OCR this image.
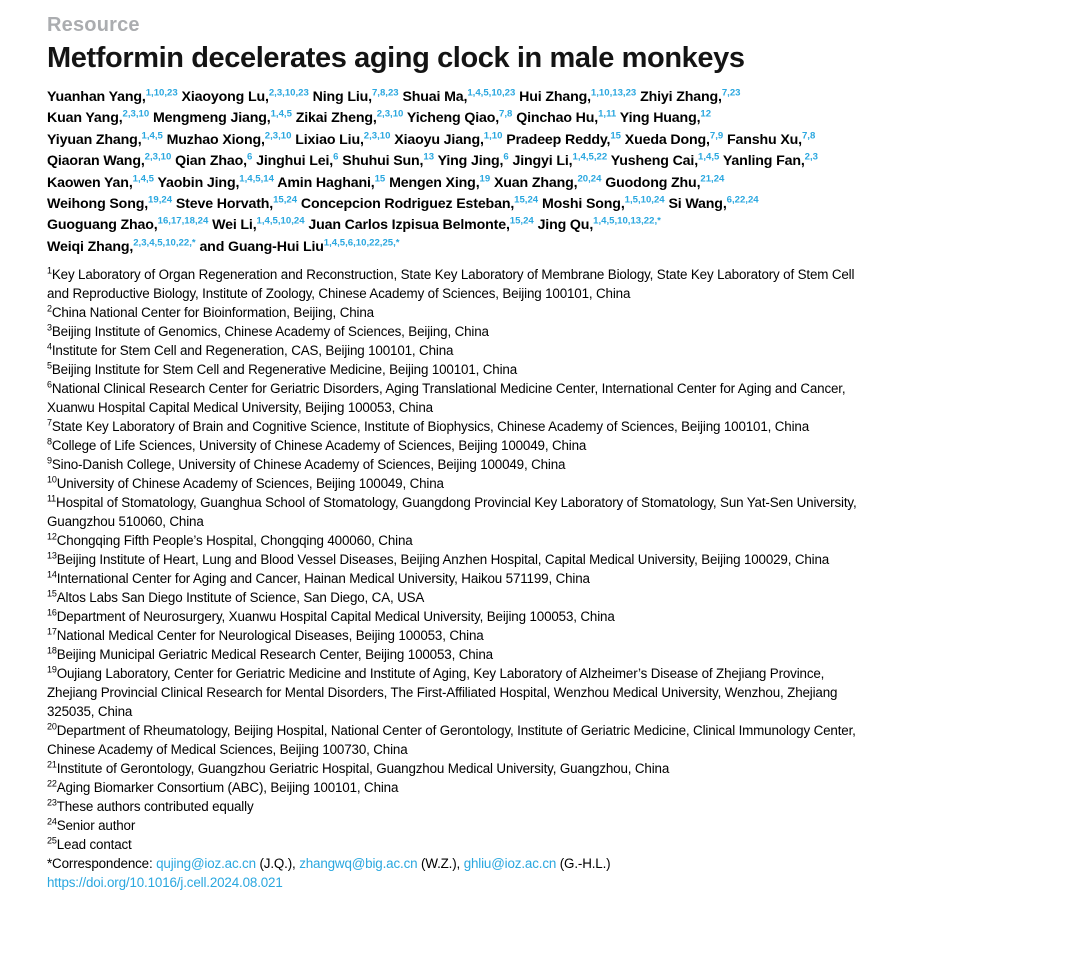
Resource
Metformin decelerates aging clock in male monkeys
Yuanhan Yang,$^{1,10,23}$ Xiaoyong Lu,$^{2,3,10,23}$ Ning Liu,$^{7,8,23}$ Shuai Ma,$^{1,4,5,10,23}$ Hui Zhang,$^{1,10,13,23}$ Zhiyi Zhang,$^{7,23}$
Kuan Yang,$^{2,3,10}$ Mengmeng Jiang,$^{1,4,5}$ Zikai Zheng,$^{2,3,10}$ Yicheng Qiao,$^{7,8}$ Qinchao Hu,$^{1,11}$ Ying Huang,$^{12}$
Yiyuan Zhang,$^{1,4,5}$ Muzhao Xiong,$^{2,3,10}$ Lixiao Liu,$^{2,3,10}$ Xiaoyu Jiang,$^{1,10}$ Pradeep Reddy,$^{15}$ Xueda Dong,$^{7,9}$ Fanshu Xu,$^{7,8}$
Qiaoran Wang,$^{2,3,10}$ Qian Zhao,$^6$ Jinghui Lei,$^6$ Shuhui Sun,$^{13}$ Ying Jing,$^6$ Jingyi Li,$^{1,4,5,22}$ Yusheng Cai,$^{1,4,5}$ Yanling Fan,$^{2,3}$
Kaowen Yan,$^{1,4,5}$ Yaobin Jing,$^{1,4,5,14}$ Amin Haghani,$^{15}$ Mengen Xing,$^{19}$ Xuan Zhang,$^{20,24}$ Guodong Zhu,$^{21,24}$
Weihong Song,$^{19,24}$ Steve Horvath,$^{15,24}$ Concepcion Rodriguez Esteban,$^{15,24}$ Moshi Song,$^{1,5,10,24}$ Si Wang,$^{6,22,24}$
Guoguang Zhao,$^{16,17,18,24}$ Wei Li,$^{1,4,5,10,24}$ Juan Carlos Izpisua Belmonte,$^{15,24}$ Jing Qu,$^{1,4,5,10,13,22,*}$
Weiqi Zhang,$^{2,3,4,5,10,22,*}$ and Guang-Hui Liu$^{1,4,5,6,10,22,25,*}$
$^1$Key Laboratory of Organ Regeneration and Reconstruction, State Key Laboratory of Membrane Biology, State Key Laboratory of Stem Cell
and Reproductive Biology, Institute of Zoology, Chinese Academy of Sciences, Beijing 100101, China
$^2$China National Center for Bioinformation, Beijing, China
$^3$Beijing Institute of Genomics, Chinese Academy of Sciences, Beijing, China
$^4$Institute for Stem Cell and Regeneration, CAS, Beijing 100101, China
$^5$Beijing Institute for Stem Cell and Regenerative Medicine, Beijing 100101, China
$^6$National Clinical Research Center for Geriatric Disorders, Aging Translational Medicine Center, International Center for Aging and Cancer,
Xuanwu Hospital Capital Medical University, Beijing 100053, China
$^7$State Key Laboratory of Brain and Cognitive Science, Institute of Biophysics, Chinese Academy of Sciences, Beijing 100101, China
$^8$College of Life Sciences, University of Chinese Academy of Sciences, Beijing 100049, China
$^9$Sino-Danish College, University of Chinese Academy of Sciences, Beijing 100049, China
$^{10}$University of Chinese Academy of Sciences, Beijing 100049, China
$^{11}$Hospital of Stomatology, Guanghua School of Stomatology, Guangdong Provincial Key Laboratory of Stomatology, Sun Yat-Sen University,
Guangzhou 510060, China
$^{12}$Chongqing Fifth People’s Hospital, Chongqing 400060, China
$^{13}$Beijing Institute of Heart, Lung and Blood Vessel Diseases, Beijing Anzhen Hospital, Capital Medical University, Beijing 100029, China
$^{14}$International Center for Aging and Cancer, Hainan Medical University, Haikou 571199, China
$^{15}$Altos Labs San Diego Institute of Science, San Diego, CA, USA
$^{16}$Department of Neurosurgery, Xuanwu Hospital Capital Medical University, Beijing 100053, China
$^{17}$National Medical Center for Neurological Diseases, Beijing 100053, China
$^{18}$Beijing Municipal Geriatric Medical Research Center, Beijing 100053, China
$^{19}$Oujiang Laboratory, Center for Geriatric Medicine and Institute of Aging, Key Laboratory of Alzheimer’s Disease of Zhejiang Province,
Zhejiang Provincial Clinical Research for Mental Disorders, The First-Affiliated Hospital, Wenzhou Medical University, Wenzhou, Zhejiang
325035, China
$^{20}$Department of Rheumatology, Beijing Hospital, National Center of Gerontology, Institute of Geriatric Medicine, Clinical Immunology Center,
Chinese Academy of Medical Sciences, Beijing 100730, China
$^{21}$Institute of Gerontology, Guangzhou Geriatric Hospital, Guangzhou Medical University, Guangzhou, China
$^{22}$Aging Biomarker Consortium (ABC), Beijing 100101, China
$^{23}$These authors contributed equally
$^{24}$Senior author
$^{25}$Lead contact
*Correspondence: qujing@ioz.ac.cn (J.Q.), zhangwq@big.ac.cn (W.Z.), ghliu@ioz.ac.cn (G.-H.L.)
https://doi.org/10.1016/j.cell.2024.08.021
